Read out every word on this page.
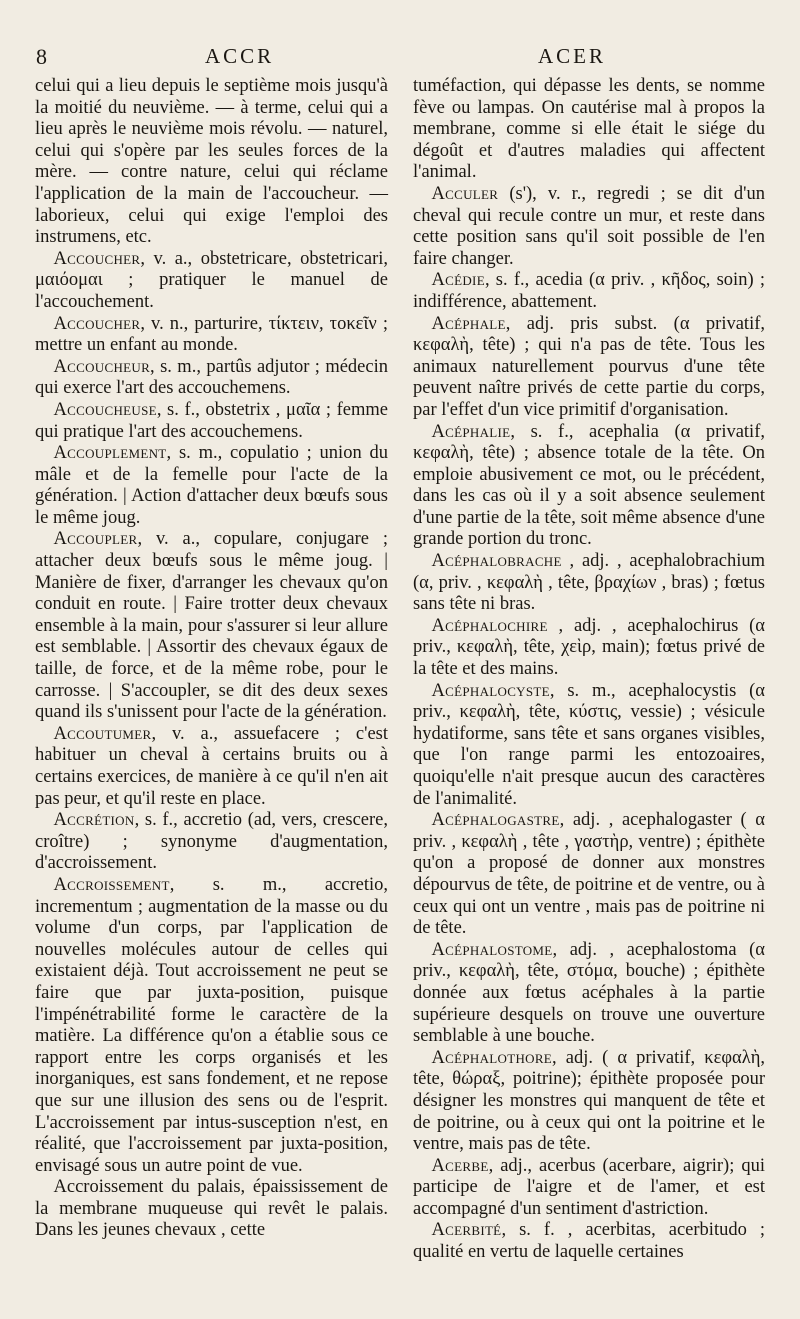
8	ACCR	ACER

celui qui a lieu depuis le septième mois jusqu'à la moitié du neuvième. — à terme, celui qui a lieu après le neuvième mois révolu. — naturel, celui qui s'opère par les seules forces de la mère. — contre nature, celui qui réclame l'application de la main de l'accoucheur. — laborieux, celui qui exige l'emploi des instrumens, etc.

 Accoucher, v. a., obstetricare, obstetricari, μαιόομαι ; pratiquer le manuel de l'accouchement.

 Accoucher, v. n., parturire, τίκτειν, τοκεῖν ; mettre un enfant au monde.

 Accoucheur, s. m., partûs adjutor ; médecin qui exerce l'art des accouchemens.

 Accoucheuse, s. f., obstetrix , μαῖα ; femme qui pratique l'art des accouchemens.

 Accouplement, s. m., copulatio ; union du mâle et de la femelle pour l'acte de la génération. | Action d'attacher deux bœufs sous le même joug.

 Accoupler, v. a., copulare, conjugare ; attacher deux bœufs sous le même joug. | Manière de fixer, d'arranger les chevaux qu'on conduit en route. | Faire trotter deux chevaux ensemble à la main, pour s'assurer si leur allure est semblable. | Assortir des chevaux égaux de taille, de force, et de la même robe, pour le carrosse. | S'accoupler, se dit des deux sexes quand ils s'unissent pour l'acte de la génération.

 Accoutumer, v. a., assuefacere ; c'est habituer un cheval à certains bruits ou à certains exercices, de manière à ce qu'il n'en ait pas peur, et qu'il reste en place.

 Accrétion, s. f., accretio (ad, vers, crescere, croître) ; synonyme d'augmentation, d'accroissement.

 Accroissement, s. m., accretio, incrementum ; augmentation de la masse ou du volume d'un corps, par l'application de nouvelles molécules autour de celles qui existaient déjà. Tout accroissement ne peut se faire que par juxta-position, puisque l'impénétrabilité forme le caractère de la matière. La différence qu'on a établie sous ce rapport entre les corps organisés et les inorganiques, est sans fondement, et ne repose que sur une illusion des sens ou de l'esprit. L'accroissement par intus-susception n'est, en réalité, que l'accroissement par juxta-position, envisagé sous un autre point de vue.

 Accroissement du palais, épaississement de la membrane muqueuse qui revêt le palais. Dans les jeunes chevaux , cette

tuméfaction, qui dépasse les dents, se nomme fève ou lampas. On cautérise mal à propos la membrane, comme si elle était le siége du dégoût et d'autres maladies qui affectent l'animal.

 Acculer (s'), v. r., regredi ; se dit d'un cheval qui recule contre un mur, et reste dans cette position sans qu'il soit possible de l'en faire changer.

 Acédie, s. f., acedia (α priv. , κῆδος, soin) ; indifférence, abattement.

 Acéphale, adj. pris subst. (α privatif, κεφαλὴ, tête) ; qui n'a pas de tête. Tous les animaux naturellement pourvus d'une tête peuvent naître privés de cette partie du corps, par l'effet d'un vice primitif d'organisation.

 Acéphalie, s. f., acephalia (α privatif, κεφαλὴ, tête) ; absence totale de la tête. On emploie abusivement ce mot, ou le précédent, dans les cas où il y a soit absence seulement d'une partie de la tête, soit même absence d'une grande portion du tronc.

 Acéphalobrache , adj. , acephalobrachium (α, priv. , κεφαλὴ , tête, βραχίων , bras) ; fœtus sans tête ni bras.

 Acéphalochire , adj. , acephalochirus (α priv., κεφαλὴ, tête, χεὶρ, main); fœtus privé de la tête et des mains.

 Acéphalocyste, s. m., acephalocystis (α priv., κεφαλὴ, tête, κύστις, vessie) ; vésicule hydatiforme, sans tête et sans organes visibles, que l'on range parmi les entozoaires, quoiqu'elle n'ait presque aucun des caractères de l'animalité.

 Acéphalogastre, adj. , acephalogaster ( α priv. , κεφαλὴ , tête , γαστὴρ, ventre) ; épithète qu'on a proposé de donner aux monstres dépourvus de tête, de poitrine et de ventre, ou à ceux qui ont un ventre , mais pas de poitrine ni de tête.

 Acéphalostome, adj. , acephalostoma (α priv., κεφαλὴ, tête, στόμα, bouche) ; épithète donnée aux fœtus acéphales à la partie supérieure desquels on trouve une ouverture semblable à une bouche.

 Acéphalothore, adj. ( α privatif, κεφαλὴ, tête, θώραξ, poitrine); épithète proposée pour désigner les monstres qui manquent de tête et de poitrine, ou à ceux qui ont la poitrine et le ventre, mais pas de tête.

 Acerbe, adj., acerbus (acerbare, aigrir); qui participe de l'aigre et de l'amer, et est accompagné d'un sentiment d'astriction.

 Acerbité, s. f. , acerbitas, acerbitudo ; qualité en vertu de laquelle certaines
